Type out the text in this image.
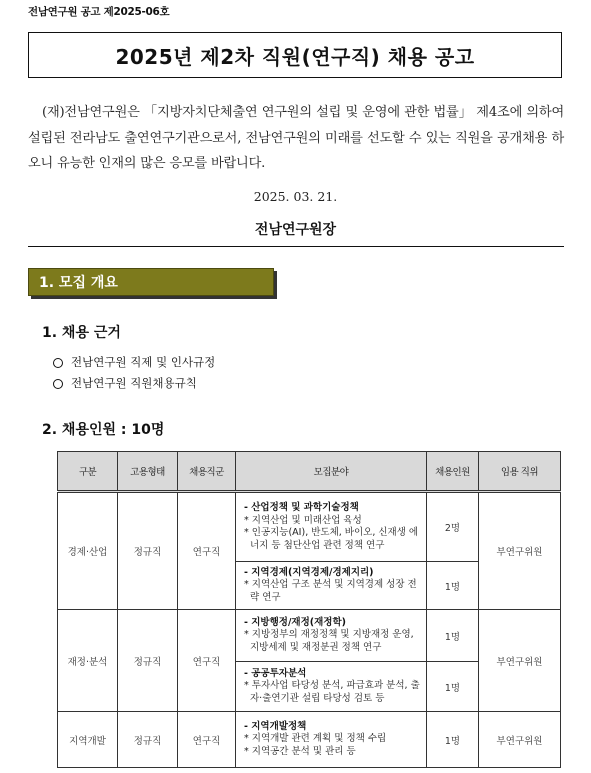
전남연구원 공고 제2025-06호
2025년 제2차 직원(연구직) 채용 공고
(재)전남연구원은 「지방자치단체출연 연구원의 설립 및 운영에 관한 법률」 제4조에 의하여 설립된 전라남도 출연연구기관으로서, 전남연구원의 미래를 선도할 수 있는 직원을 공개채용 하오니 유능한 인재의 많은 응모를 바랍니다.
2025. 03. 21.
전남연구원장
1. 모집 개요
1. 채용 근거
전남연구원 직제 및 인사규정
전남연구원 직원채용규칙
2. 채용인원 : 10명
구분	고용형태	채용직군	모집분야	채용인원	임용 직위
경제·산업	정규직	연구직	- 산업정책 및 과학기술정책
* 지역산업 및 미래산업 육성
* 인공지능(AI), 반도체, 바이오, 신재생 에너지 등 첨단산업 관련 정책 연구	2명	부연구위원

			- 지역경제(지역경제/경제지리)
* 지역산업 구조 분석 및 지역경제 성장 전략 연구	1명	
재정·분석	정규직	연구직	- 지방행정/재정(재정학)
* 지방정부의 재정정책 및 지방재정 운영, 지방세제 및 재정분권 정책 연구	1명	부연구위원

			- 공공투자분석
* 투자사업 타당성 분석, 파급효과 분석, 출자·출연기관 설립 타당성 검토 등	1명	
지역개발	정규직	연구직	- 지역개발정책
* 지역개발 관련 계획 및 정책 수립
* 지역공간 분석 및 관리 등	1명	부연구위원
